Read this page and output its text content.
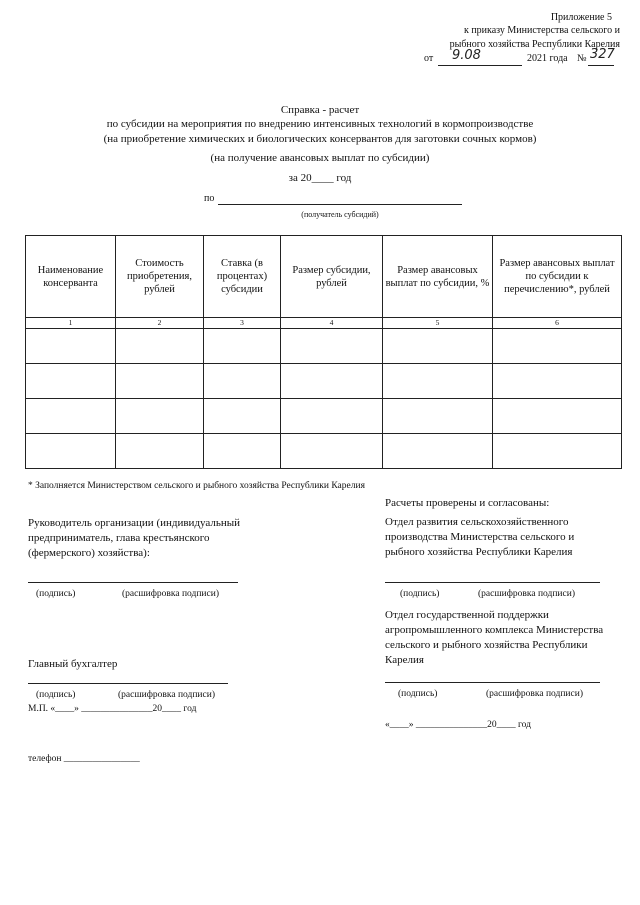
Приложение 5
к приказу Министерства сельского и
рыбного хозяйства Республики Карелия
от 9.08	2021 года № 327
Справка - расчет
по субсидии на мероприятия по внедрению интенсивных технологий в кормопроизводстве
(на приобретение химических и биологических консервантов для заготовки сочных кормов)
(на получение авансовых выплат по субсидии)
за 20____ год
по
(получатель субсидий)
Наименование консерванта	Стоимость приобретения, рублей	Ставка (в процентах) субсидии	Размер субсидии, рублей	Размер авансовых выплат по субсидии, %	Размер авансовых выплат по субсидии к перечислению*, рублей
1	2	3	4	5	6

* Заполняется Министерством сельского и рыбного хозяйства Республики Карелия
Руководитель организации (индивидуальный
предприниматель, глава крестьянского
(фермерского) хозяйства):
(подпись)	(расшифровка подписи)
Главный бухгалтер
(подпись)	(расшифровка подписи)
М.П. «____» _______________20____ год
телефон ________________
Расчеты проверены и согласованы:
Отдел развития сельскохозяйственного
производства Министерства сельского и
рыбного хозяйства Республики Карелия
(подпись)	(расшифровка подписи)
Отдел государственной поддержки
агропромышленного комплекса Министерства
сельского и рыбного хозяйства Республики
Карелия
(подпись)	(расшифровка подписи)
«____» _______________20____ год
